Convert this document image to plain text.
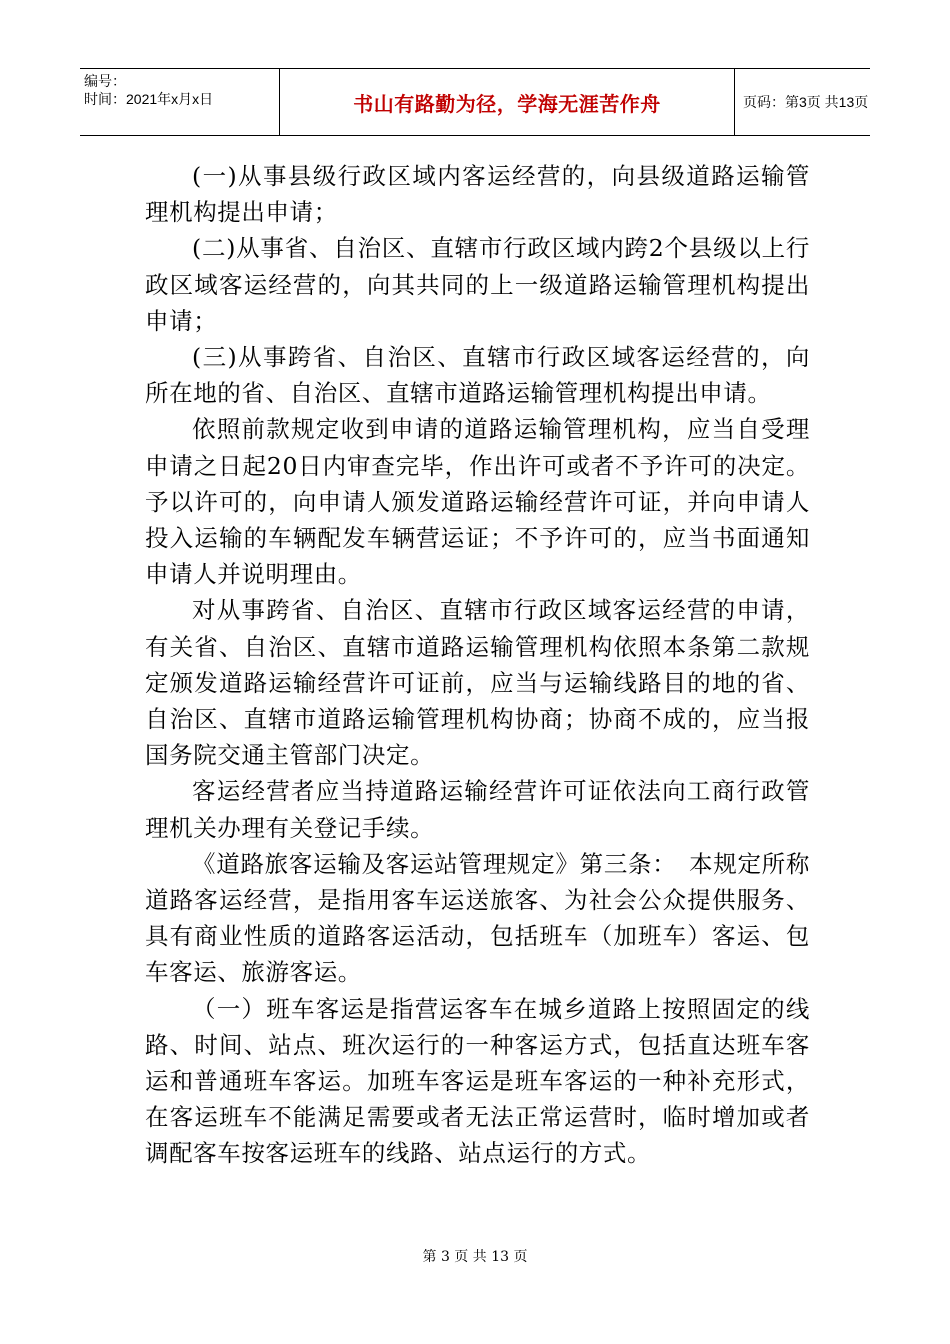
编号：
时间：2021年x月x日	书山有路勤为径，学海无涯苦作舟	页码：第3页 共13页

(一)从事县级行政区域内客运经营的，向县级道路运输管理机构提出申请；

(二)从事省、自治区、直辖市行政区域内跨2个县级以上行政区域客运经营的，向其共同的上一级道路运输管理机构提出申请；

(三)从事跨省、自治区、直辖市行政区域客运经营的，向所在地的省、自治区、直辖市道路运输管理机构提出申请。

依照前款规定收到申请的道路运输管理机构，应当自受理申请之日起20日内审查完毕，作出许可或者不予许可的决定。予以许可的，向申请人颁发道路运输经营许可证，并向申请人投入运输的车辆配发车辆营运证；不予许可的，应当书面通知申请人并说明理由。

对从事跨省、自治区、直辖市行政区域客运经营的申请，有关省、自治区、直辖市道路运输管理机构依照本条第二款规定颁发道路运输经营许可证前，应当与运输线路目的地的省、自治区、直辖市道路运输管理机构协商；协商不成的，应当报国务院交通主管部门决定。

客运经营者应当持道路运输经营许可证依法向工商行政管理机关办理有关登记手续。

《道路旅客运输及客运站管理规定》第三条：　本规定所称道路客运经营，是指用客车运送旅客、为社会公众提供服务、具有商业性质的道路客运活动，包括班车（加班车）客运、包车客运、旅游客运。

（一）班车客运是指营运客车在城乡道路上按照固定的线路、时间、站点、班次运行的一种客运方式，包括直达班车客运和普通班车客运。加班车客运是班车客运的一种补充形式，在客运班车不能满足需要或者无法正常运营时，临时增加或者调配客车按客运班车的线路、站点运行的方式。

第 3 页 共 13 页
